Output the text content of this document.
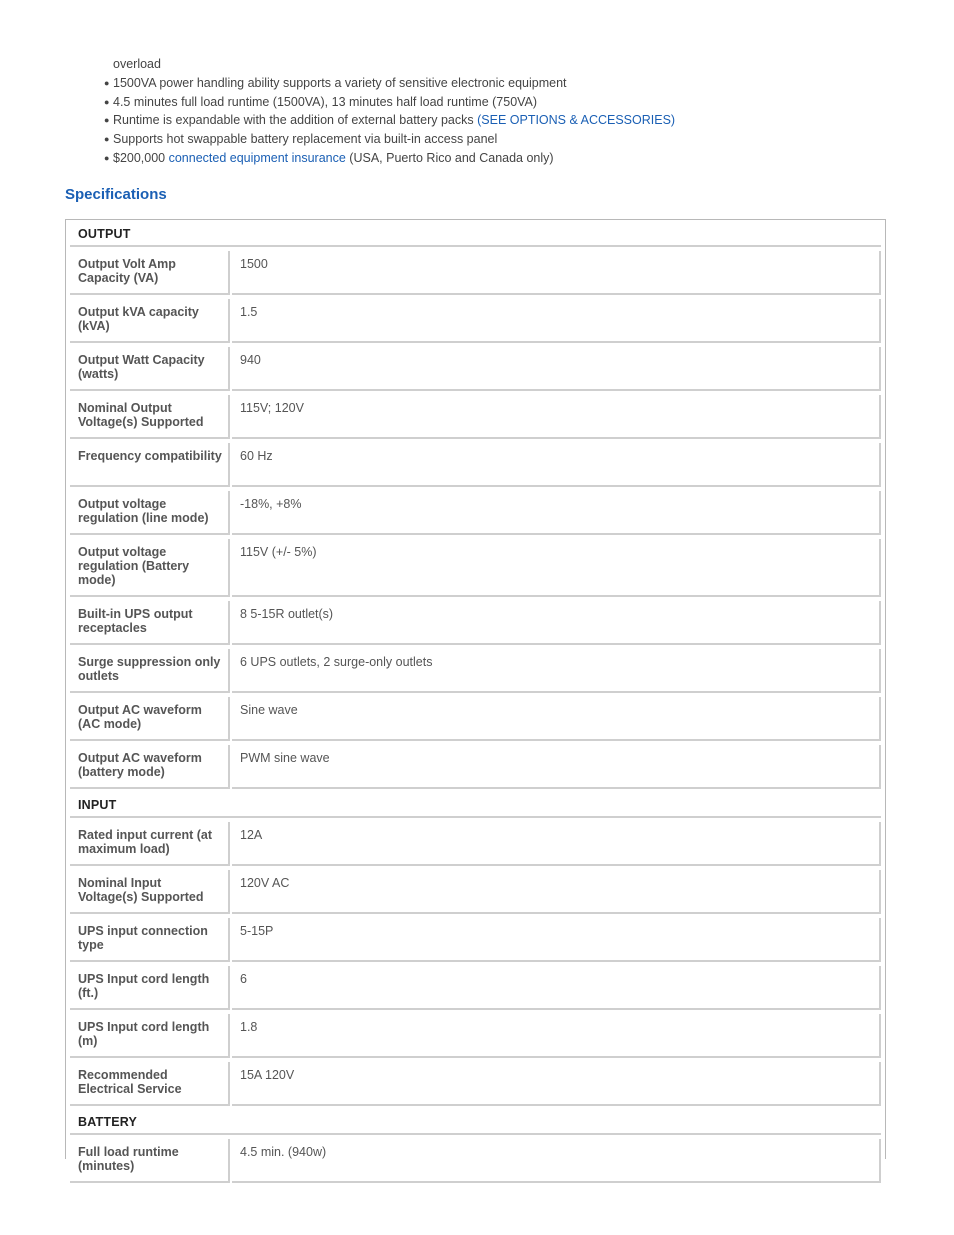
overload
● 1500VA power handling ability supports a variety of sensitive electronic equipment
● 4.5 minutes full load runtime (1500VA), 13 minutes half load runtime (750VA)
● Runtime is expandable with the addition of external battery packs (SEE OPTIONS & ACCESSORIES)
● Supports hot swappable battery replacement via built-in access panel
● $200,000 connected equipment insurance (USA, Puerto Rico and Canada only)
Specifications
OUTPUT	
Output Volt Amp Capacity (VA)	1500
Output kVA capacity (kVA)	1.5
Output Watt Capacity (watts)	940
Nominal Output Voltage(s) Supported	115V; 120V
Frequency compatibility	60 Hz
Output voltage regulation (line mode)	-18%, +8%
Output voltage regulation (Battery mode)	115V (+/- 5%)
Built-in UPS output receptacles	8 5-15R outlet(s)
Surge suppression only outlets	6 UPS outlets, 2 surge-only outlets
Output AC waveform (AC mode)	Sine wave
Output AC waveform (battery mode)	PWM sine wave
INPUT	
Rated input current (at maximum load)	12A
Nominal Input Voltage(s) Supported	120V AC
UPS input connection type	5-15P
UPS Input cord length (ft.)	6
UPS Input cord length (m)	1.8
Recommended Electrical Service	15A 120V
BATTERY	
Full load runtime (minutes)	4.5 min. (940w)
